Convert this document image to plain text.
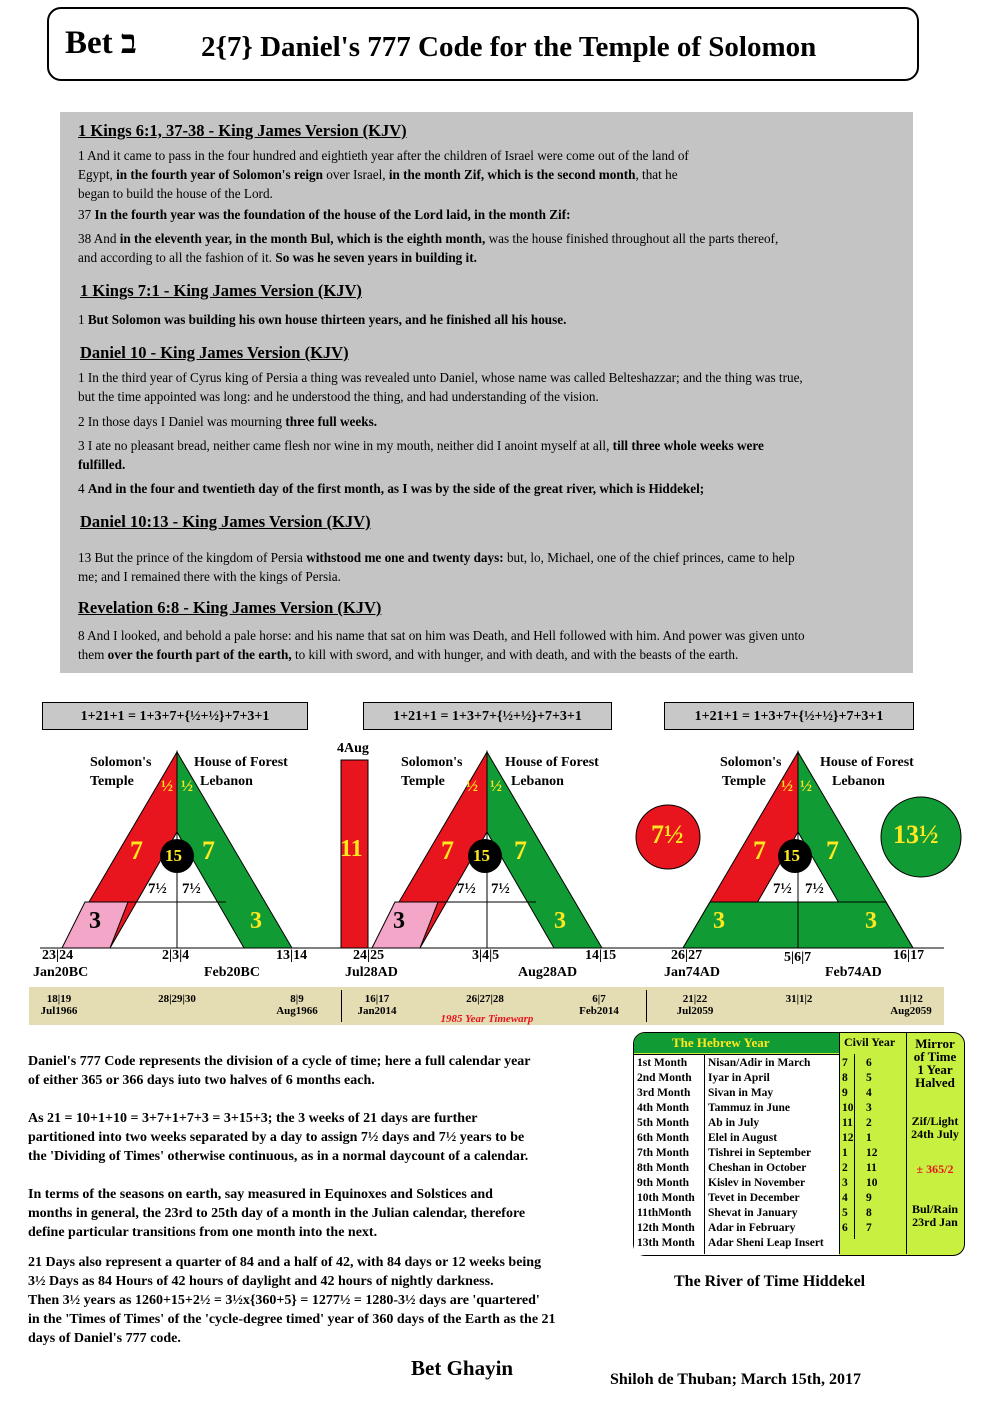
Bet ב 2{7} Daniel's 777 Code for the Temple of Solomon
1 Kings 6:1, 37-38 - King James Version (KJV)
1 And it came to pass in the four hundred and eightieth year after the children of Israel were come out of the land of
Egypt, in the fourth year of Solomon's reign over Israel, in the month Zif, which is the second month, that he
began to build the house of the Lord.
37 In the fourth year was the foundation of the house of the Lord laid, in the month Zif:
38 And in the eleventh year, in the month Bul, which is the eighth month, was the house finished throughout all the parts thereof,
and according to all the fashion of it. So was he seven years in building it.
1 Kings 7:1 - King James Version (KJV)
1 But Solomon was building his own house thirteen years, and he finished all his house.
Daniel 10 - King James Version (KJV)
1 In the third year of Cyrus king of Persia a thing was revealed unto Daniel, whose name was called Belteshazzar; and the thing was true,
but the time appointed was long: and he understood the thing, and had understanding of the vision.
2 In those days I Daniel was mourning three full weeks.
3 I ate no pleasant bread, neither came flesh nor wine in my mouth, neither did I anoint myself at all, till three whole weeks were
fulfilled.
4 And in the four and twentieth day of the first month, as I was by the side of the great river, which is Hiddekel;
Daniel 10:13 - King James Version (KJV)
13 But the prince of the kingdom of Persia withstood me one and twenty days: but, lo, Michael, one of the chief princes, came to help
me; and I remained there with the kings of Persia.
Revelation 6:8 - King James Version (KJV)
8 And I looked, and behold a pale horse: and his name that sat on him was Death, and Hell followed with him. And power was given unto
them over the fourth part of the earth, to kill with sword, and with hunger, and with death, and with the beasts of the earth.
1+21+1 = 1+3+7+{½+½}+7+3+1	1+21+1 = 1+3+7+{½+½}+7+3+1	1+21+1 = 1+3+7+{½+½}+7+3+1
Solomon's
Temple
House of Forest
Lebanon
½ ½
7 7
15
7½ 7½
3	3
23|24
Jan20BC
2|3|4	13|14
Feb20BC
4Aug
11
Solomon's
Temple
House of Forest
Lebanon
½ ½
7 7
15
7½ 7½
3	3
24|25
Jul28AD
3|4|5	14|15
Aug28AD
7½	13½
Solomon's
Temple
House of Forest
Lebanon
½ ½
7 7
15
7½ 7½
3	3
26|27
Jan74AD
5|6|7	16|17
Feb74AD
18|19
Jul1966
28|29|30	8|9
Aug1966
16|17
Jan2014
26|27|28	6|7
Feb2014
21|22
Jul2059
31|1|2	11|12
Aug2059
1985 Year Timewarp
Daniel's 777 Code represents the division of a cycle of time; here a full calendar year
of either 365 or 366 days iuto two halves of 6 months each.
As 21 = 10+1+10 = 3+7+1+7+3 = 3+15+3; the 3 weeks of 21 days are further
partitioned into two weeks separated by a day to assign 7½ days and 7½ years to be
the 'Dividing of Times' otherwise continuous, as in a normal daycount of a calendar.
In terms of the seasons on earth, say measured in Equinoxes and Solstices and
months in general, the 23rd to 25th day of a month in the Julian calendar, therefore
define particular transitions from one month into the next.
21 Days also represent a quarter of 84 and a half of 42, with 84 days or 12 weeks being
3½ Days as 84 Hours of 42 hours of daylight and 42 hours of nightly darkness.
Then 3½ years as 1260+15+2½ = 3½x{360+5} = 1277½ = 1280-3½ days are 'quartered'
in the 'Times of Times' of the 'cycle-degree timed' year of 360 days of the Earth as the 21
days of Daniel's 777 code.
The Hebrew Year	Civil Year
1st Month Nisan/Adir in March	7 6
2nd Month Iyar in April	8 5
3rd Month Sivan in May	9 4
4th Month Tammuz in June	10 3
5th Month Ab in July	11 2
6th Month Elel in August	12 1
7th Month Tishrei in September	1 12
8th Month Cheshan in October	2 11
9th Month Kislev in November	3 10
10th Month Tevet in December	4 9
11thMonth Shevat in January	5 8
12th Month Adar in February	6 7
13th Month Adar Sheni Leap Insert
Mirror
of Time
1 Year
Halved
Zif/Light
24th July
± 365/2
Bul/Rain
23rd Jan
The River of Time Hiddekel
Bet Ghayin	Shiloh de Thuban; March 15th, 2017
